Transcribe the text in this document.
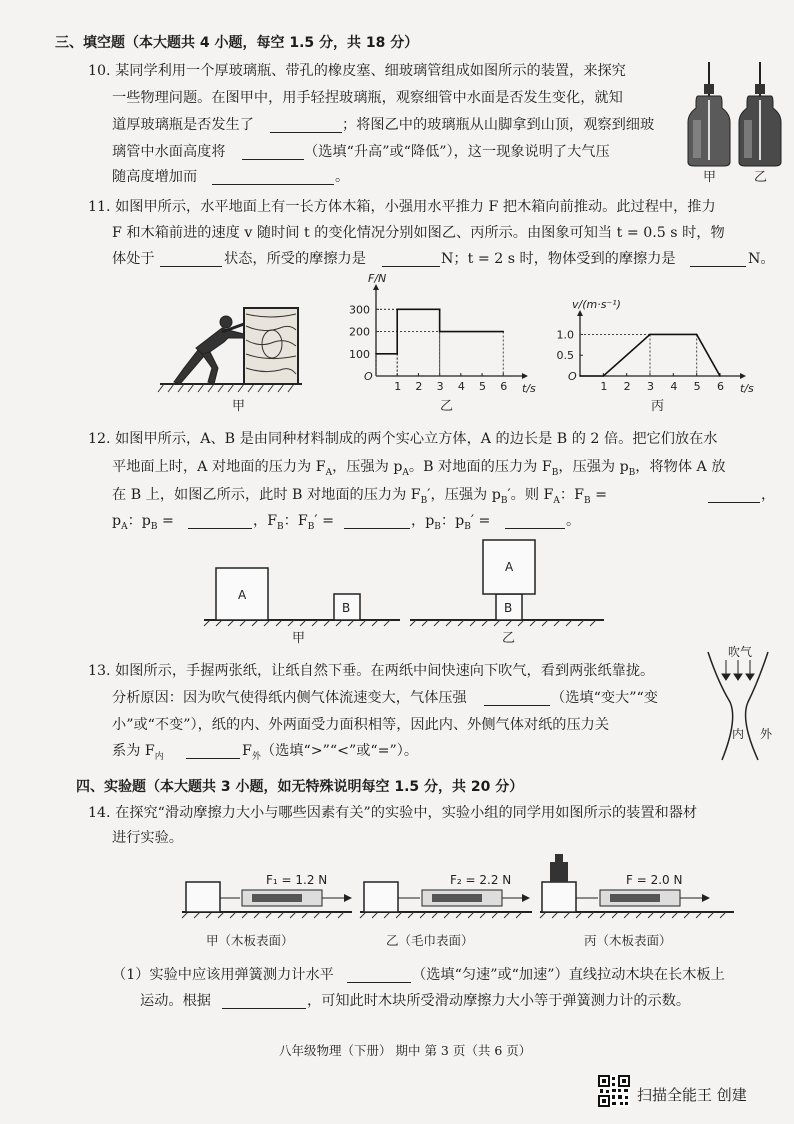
三、填空题（本大题共 4 小题，每空 1.5 分，共 18 分）
10. 某同学利用一个厚玻璃瓶、带孔的橡皮塞、细玻璃管组成如图所示的装置，来探究
一些物理问题。在图甲中，用手轻捏玻璃瓶，观察细管中水面是否发生变化，就知
道厚玻璃瓶是否发生了	；将图乙中的玻璃瓶从山脚拿到山顶，观察到细玻
璃管中水面高度将	（选填“升高”或“降低”），这一现象说明了大气压
随高度增加而	。	甲	乙
11. 如图甲所示，水平地面上有一长方体木箱，小强用水平推力 F 把木箱向前推动。此过程中，推力
F 和木箱前进的速度 v 随时间 t 的变化情况分别如图乙、丙所示。由图象可知当 t = 0.5 s 时，物
体处于	状态，所受的摩擦力是	N；t = 2 s 时，物体受到的摩擦力是	N。
甲
O
t/s
F/N
1 2 3 4 5 6
100
200
300
乙
O
t/s
v/(m·s⁻¹)
1 2 3 4 5 6
0.5
1.0
丙
12. 如图甲所示，A、B 是由同种材料制成的两个实心立方体，A 的边长是 B 的 2 倍。把它们放在水
平地面上时，A 对地面的压力为 $F_A$，压强为 $p_A$。B 对地面的压力为 $F_B$，压强为 $p_B$，将物体 A 放
在 B 上，如图乙所示，此时 B 对地面的压力为 $F_B'$，压强为 $p_B'$。则 $F_A$：$F_B$ =	，
$p_A$：$p_B$ =	，$F_B$：$F_B'$ =	，$p_B$：$p_B'$ =	。
A
B
甲
B
A
乙
13. 如图所示，手握两张纸，让纸自然下垂。在两纸中间快速向下吹气，看到两张纸靠拢。
分析原因：因为吹气使得纸内侧气体流速变大，气体压强	（选填“变大”“变
小”或“不变”），纸的内、外两面受力面积相等，因此内、外侧气体对纸的压力关
系为 $F_内$	$F_外$（选填“>”“<”或“=”）。
吹气
内 外
四、实验题（本大题共 3 小题，如无特殊说明每空 1.5 分，共 20 分）
14. 在探究“滑动摩擦力大小与哪些因素有关”的实验中，实验小组的同学用如图所示的装置和器材
进行实验。
F₁ = 1.2 N
甲（木板表面）
F₂ = 2.2 N
乙（毛巾表面）
F = 2.0 N
丙（木板表面）
（1）实验中应该用弹簧测力计水平	（选填“匀速”或“加速”）直线拉动木块在长木板上
运动。根据	，可知此时木块所受滑动摩擦力大小等于弹簧测力计的示数。
八年级物理（下册） 期中 第 3 页（共 6 页）
扫描全能王 创建
